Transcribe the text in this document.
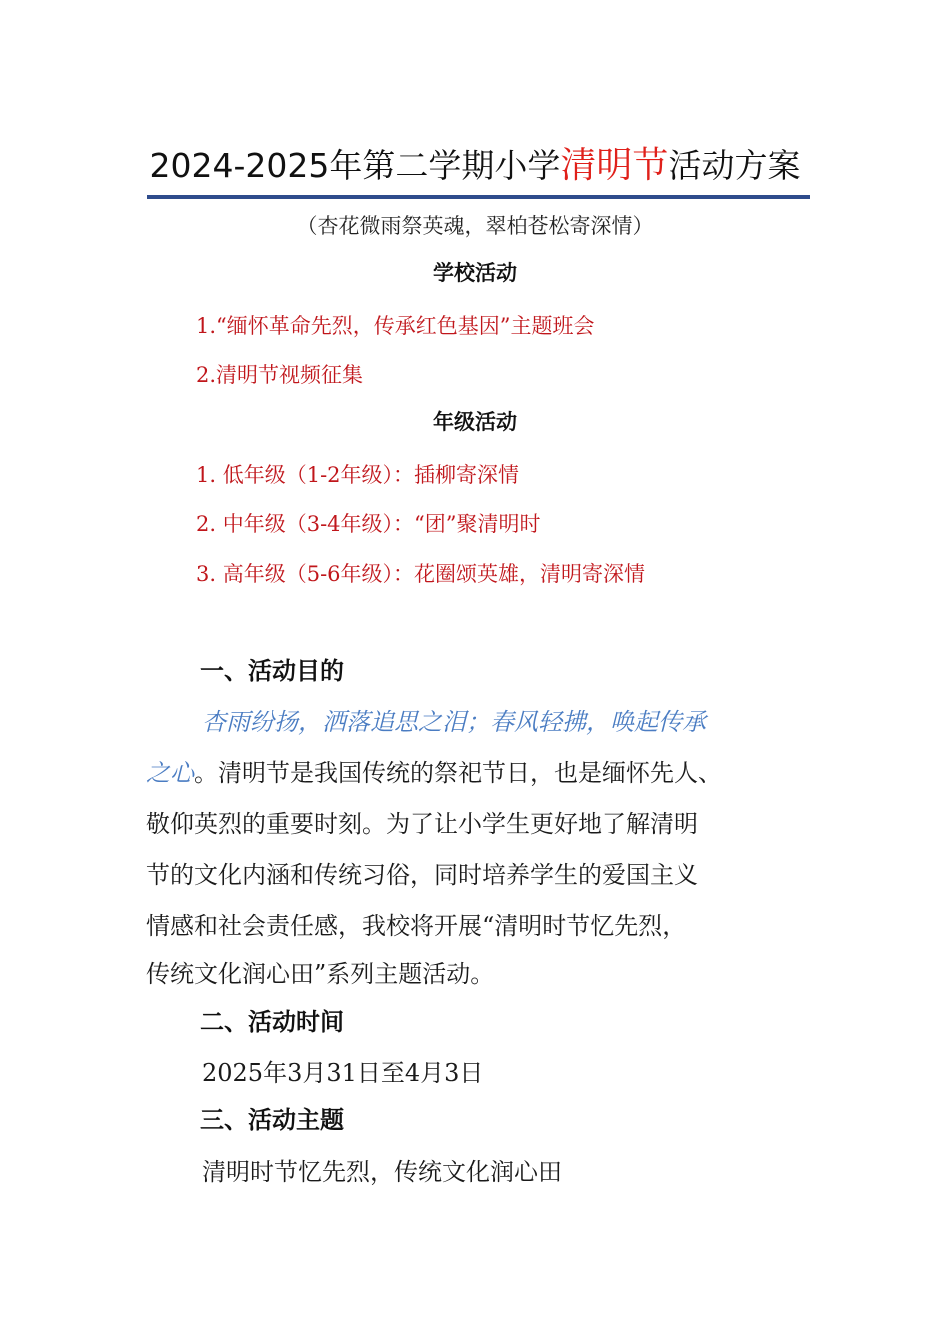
2024-2025年第二学期小学清明节活动方案
（杏花微雨祭英魂，翠柏苍松寄深情）
学校活动
1.“缅怀革命先烈，传承红色基因”主题班会
2.清明节视频征集
年级活动
1. 低年级（1-2年级）：插柳寄深情
2. 中年级（3-4年级）：“团”聚清明时
3. 高年级（5-6年级）：花圈颂英雄，清明寄深情
一、活动目的
杏雨纷扬，洒落追思之泪；春风轻拂，唤起传承
之心。清明节是我国传统的祭祀节日，也是缅怀先人、
敬仰英烈的重要时刻。为了让小学生更好地了解清明
节的文化内涵和传统习俗，同时培养学生的爱国主义
情感和社会责任感，我校将开展“清明时节忆先烈，
传统文化润心田”系列主题活动。
二、活动时间
2025年3月31日至4月3日
三、活动主题
清明时节忆先烈，传统文化润心田
